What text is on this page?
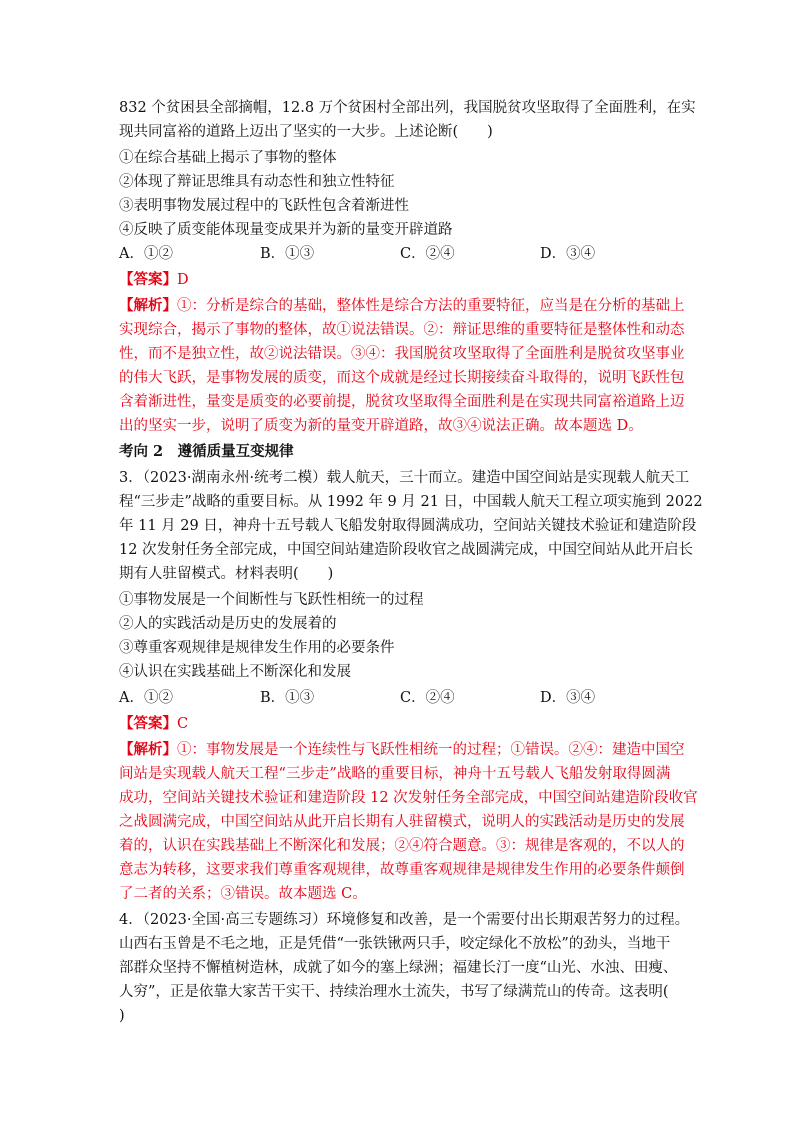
832 个贫困县全部摘帽，12.8 万个贫困村全部出列，我国脱贫攻坚取得了全面胜利，在实
现共同富裕的道路上迈出了坚实的一大步。上述论断(　　)
①在综合基础上揭示了事物的整体
②体现了辩证思维具有动态性和独立性特征
③表明事物发展过程中的飞跃性包含着渐进性
④反映了质变能体现量变成果并为新的量变开辟道路
A．①②	B．①③	C．②④	D．③④
【答案】D
【解析】①：分析是综合的基础，整体性是综合方法的重要特征，应当是在分析的基础上
实现综合，揭示了事物的整体，故①说法错误。②：辩证思维的重要特征是整体性和动态
性，而不是独立性，故②说法错误。③④：我国脱贫攻坚取得了全面胜利是脱贫攻坚事业
的伟大飞跃，是事物发展的质变，而这个成就是经过长期接续奋斗取得的，说明飞跃性包
含着渐进性，量变是质变的必要前提，脱贫攻坚取得全面胜利是在实现共同富裕道路上迈
出的坚实一步，说明了质变为新的量变开辟道路，故③④说法正确。故本题选 D。
考向 2　遵循质量互变规律
3．（2023·湖南永州·统考二模）载人航天，三十而立。建造中国空间站是实现载人航天工
程“三步走”战略的重要目标。从 1992 年 9 月 21 日，中国载人航天工程立项实施到 2022
年 11 月 29 日，神舟十五号载人飞船发射取得圆满成功，空间站关键技术验证和建造阶段
12 次发射任务全部完成，中国空间站建造阶段收官之战圆满完成，中国空间站从此开启长
期有人驻留模式。材料表明(　　)
①事物发展是一个间断性与飞跃性相统一的过程
②人的实践活动是历史的发展着的
③尊重客观规律是规律发生作用的必要条件
④认识在实践基础上不断深化和发展
A．①②	B．①③	C．②④	D．③④
【答案】C
【解析】①：事物发展是一个连续性与飞跃性相统一的过程；①错误。②④：建造中国空
间站是实现载人航天工程“三步走”战略的重要目标，神舟十五号载人飞船发射取得圆满
成功，空间站关键技术验证和建造阶段 12 次发射任务全部完成，中国空间站建造阶段收官
之战圆满完成，中国空间站从此开启长期有人驻留模式，说明人的实践活动是历史的发展
着的，认识在实践基础上不断深化和发展；②④符合题意。③：规律是客观的，不以人的
意志为转移，这要求我们尊重客观规律，故尊重客观规律是规律发生作用的必要条件颠倒
了二者的关系；③错误。故本题选 C。
4．（2023·全国·高三专题练习）环境修复和改善，是一个需要付出长期艰苦努力的过程。
山西右玉曾是不毛之地，正是凭借“一张铁锹两只手，咬定绿化不放松”的劲头，当地干
部群众坚持不懈植树造林，成就了如今的塞上绿洲；福建长汀一度“山光、水浊、田瘦、
人穷”，正是依靠大家苦干实干、持续治理水土流失，书写了绿满荒山的传奇。这表明(
)
